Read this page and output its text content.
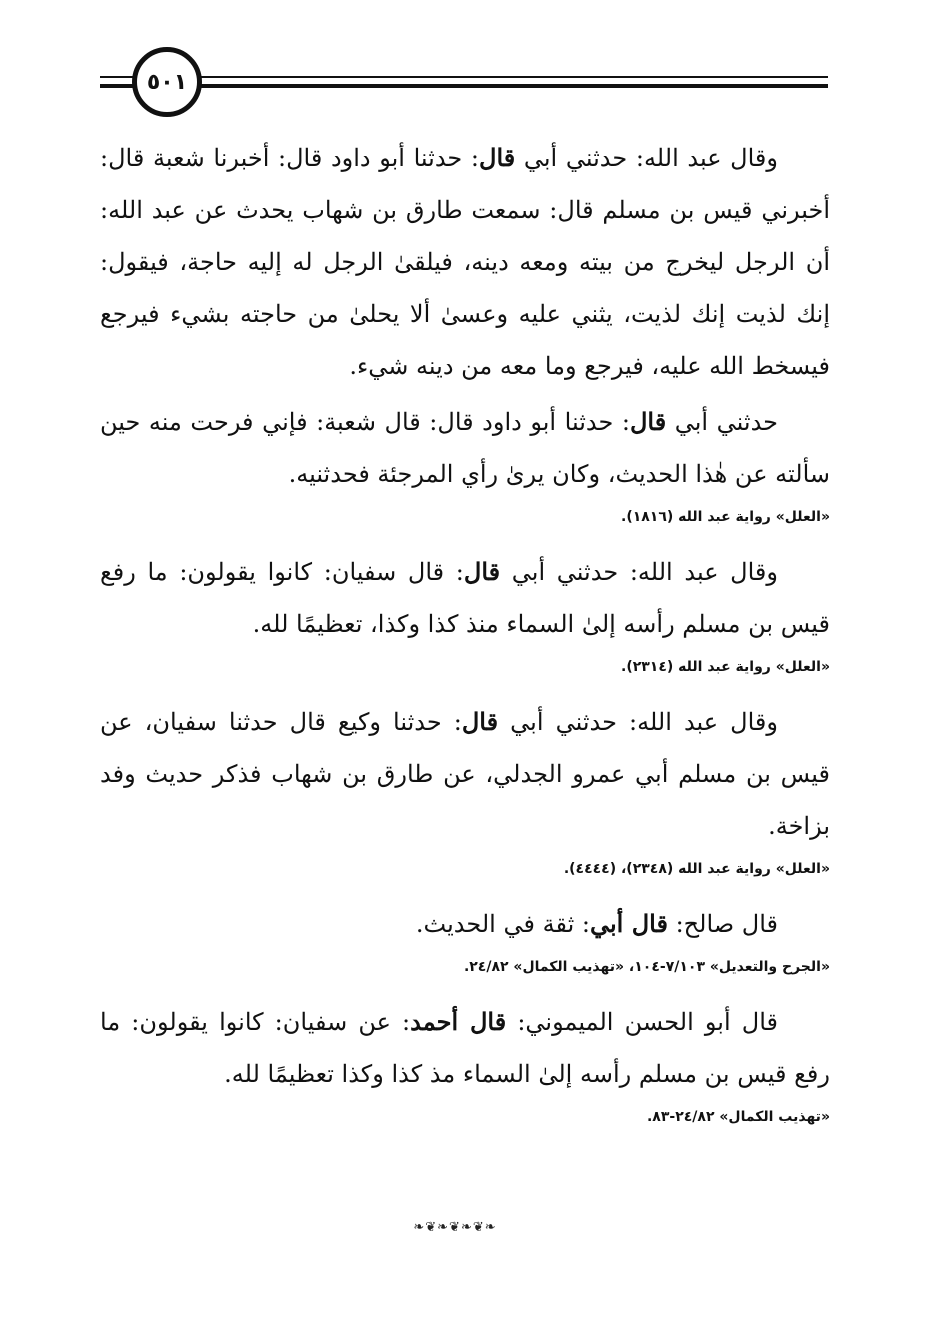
٥٠١

وقال عبد الله: حدثني أبي قال: حدثنا أبو داود قال: أخبرنا شعبة قال: أخبرني قيس بن مسلم قال: سمعت طارق بن شهاب يحدث عن عبد الله: أن الرجل ليخرج من بيته ومعه دينه، فيلقىٰ الرجل له إليه حاجة، فيقول: إنك لذيت إنك لذيت، يثني عليه وعسىٰ ألا يحلىٰ من حاجته بشيء فيرجع فيسخط الله عليه، فيرجع وما معه من دينه شيء.

حدثني أبي قال: حدثنا أبو داود قال: قال شعبة: فإني فرحت منه حين سألته عن هٰذا الحديث، وكان يرىٰ رأي المرجئة فحدثنيه.

«العلل» رواية عبد الله (١٨١٦).

وقال عبد الله: حدثني أبي قال: قال سفيان: كانوا يقولون: ما رفع قيس بن مسلم رأسه إلىٰ السماء منذ كذا وكذا، تعظيمًا لله.

«العلل» رواية عبد الله (٢٣١٤).

وقال عبد الله: حدثني أبي قال: حدثنا وكيع قال حدثنا سفيان، عن قيس بن مسلم أبي عمرو الجدلي، عن طارق بن شهاب فذكر حديث وفد بزاخة.

«العلل» رواية عبد الله (٢٣٤٨)، (٤٤٤٤).

قال صالح: قال أبي: ثقة في الحديث.

«الجرح والتعديل» ٧/١٠٣-١٠٤، «تهذيب الكمال» ٢٤/٨٢.

قال أبو الحسن الميموني: قال أحمد: عن سفيان: كانوا يقولون: ما رفع قيس بن مسلم رأسه إلىٰ السماء مذ كذا وكذا تعظيمًا لله.

«تهذيب الكمال» ٢٤/٨٢-٨٣.

❧❦❧❦❧❦❧
